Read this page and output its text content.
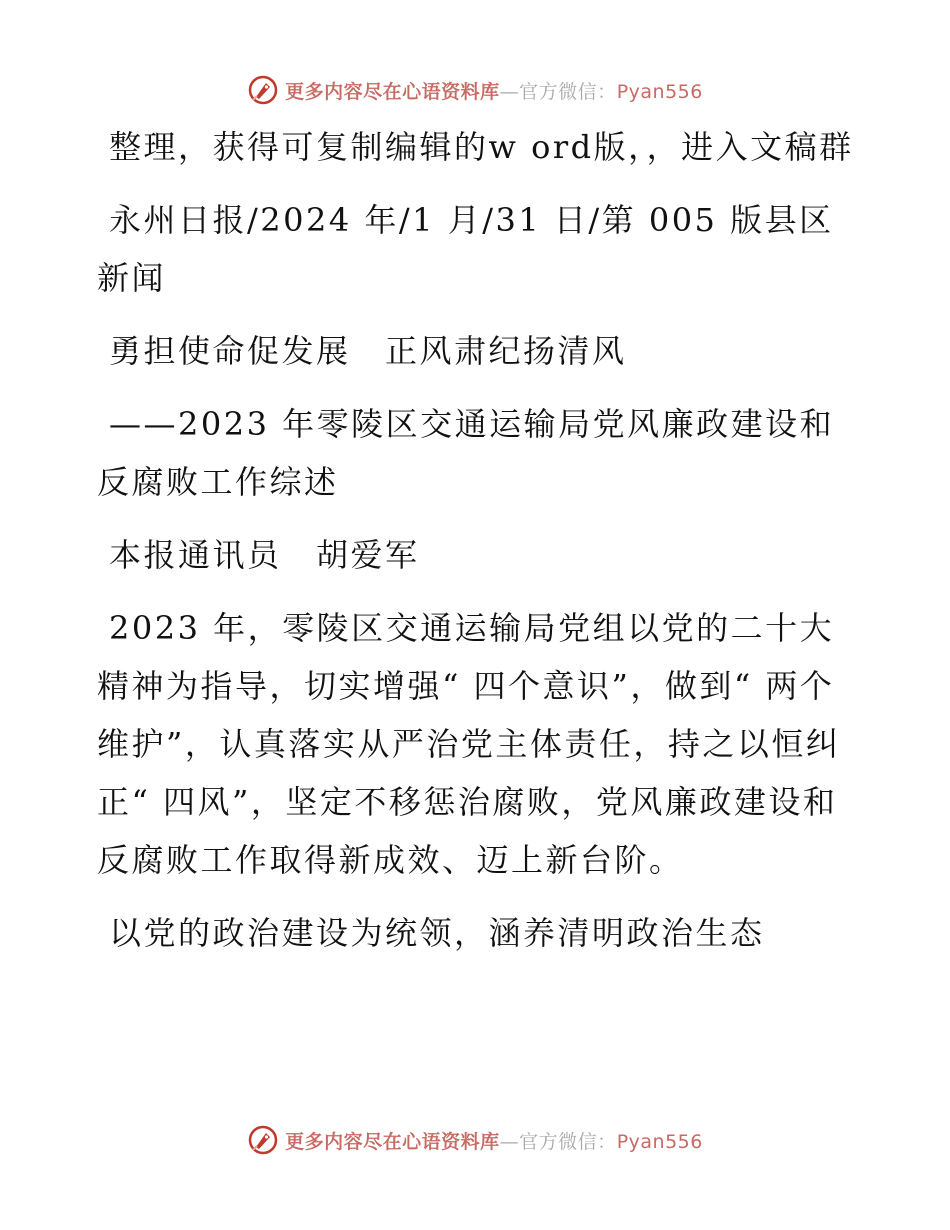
更多内容尽在心语资料库—官方微信：Pyan556

整理，获得可复制编辑的w ord版，，进入文稿群

永州日报/2024 年/1 月/31 日/第 005 版县区新闻

勇担使命促发展　正风肃纪扬清风

——2023 年零陵区交通运输局党风廉政建设和反腐败工作综述

本报通讯员　胡爱军

2023 年，零陵区交通运输局党组以党的二十大精神为指导，切实增强“ 四个意识”，做到“ 两个维护”，认真落实从严治党主体责任，持之以恒纠正“ 四风”，坚定不移惩治腐败，党风廉政建设和反腐败工作取得新成效、迈上新台阶。

以党的政治建设为统领，涵养清明政治生态

更多内容尽在心语资料库—官方微信：Pyan556
